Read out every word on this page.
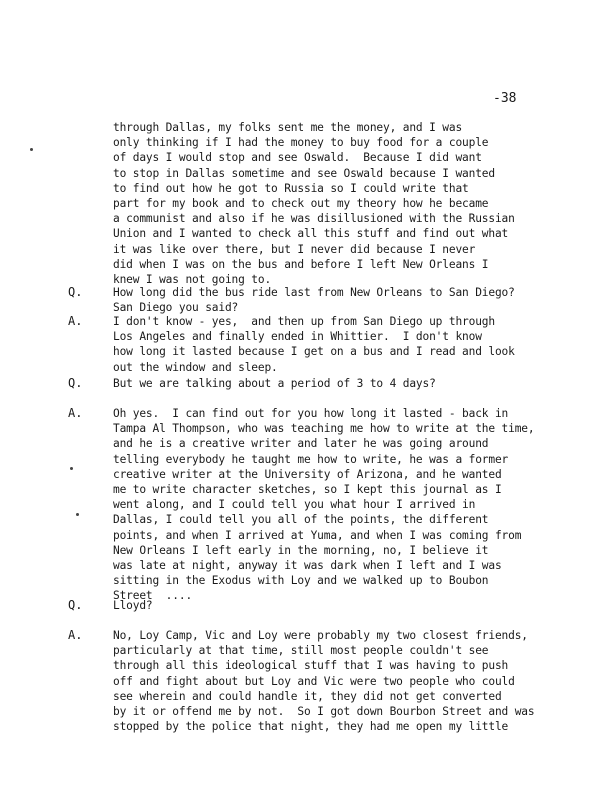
-38
through Dallas, my folks sent me the money, and I was
only thinking if I had the money to buy food for a couple
of days I would stop and see Oswald.  Because I did want
to stop in Dallas sometime and see Oswald because I wanted
to find out how he got to Russia so I could write that
part for my book and to check out my theory how he became
a communist and also if he was disillusioned with the Russian
Union and I wanted to check all this stuff and find out what
it was like over there, but I never did because I never
did when I was on the bus and before I left New Orleans I
knew I was not going to.
Q.	How long did the bus ride last from New Orleans to San Diego?
San Diego you said?
A.	I don't know - yes,  and then up from San Diego up through
Los Angeles and finally ended in Whittier.  I don't know
how long it lasted because I get on a bus and I read and look
out the window and sleep.
Q.	But we are talking about a period of 3 to 4 days?
A.	Oh yes.  I can find out for you how long it lasted - back in
Tampa Al Thompson, who was teaching me how to write at the time,
and he is a creative writer and later he was going around
telling everybody he taught me how to write, he was a former
creative writer at the University of Arizona, and he wanted
me to write character sketches, so I kept this journal as I
went along, and I could tell you what hour I arrived in
Dallas, I could tell you all of the points, the different
points, and when I arrived at Yuma, and when I was coming from
New Orleans I left early in the morning, no, I believe it
was late at night, anyway it was dark when I left and I was
sitting in the Exodus with Loy and we walked up to Boubon
Street  ....
Q.	Lloyd?
A.	No, Loy Camp, Vic and Loy were probably my two closest friends,
particularly at that time, still most people couldn't see
through all this ideological stuff that I was having to push
off and fight about but Loy and Vic were two people who could
see wherein and could handle it, they did not get converted
by it or offend me by not.  So I got down Bourbon Street and was
stopped by the police that night, they had me open my little
